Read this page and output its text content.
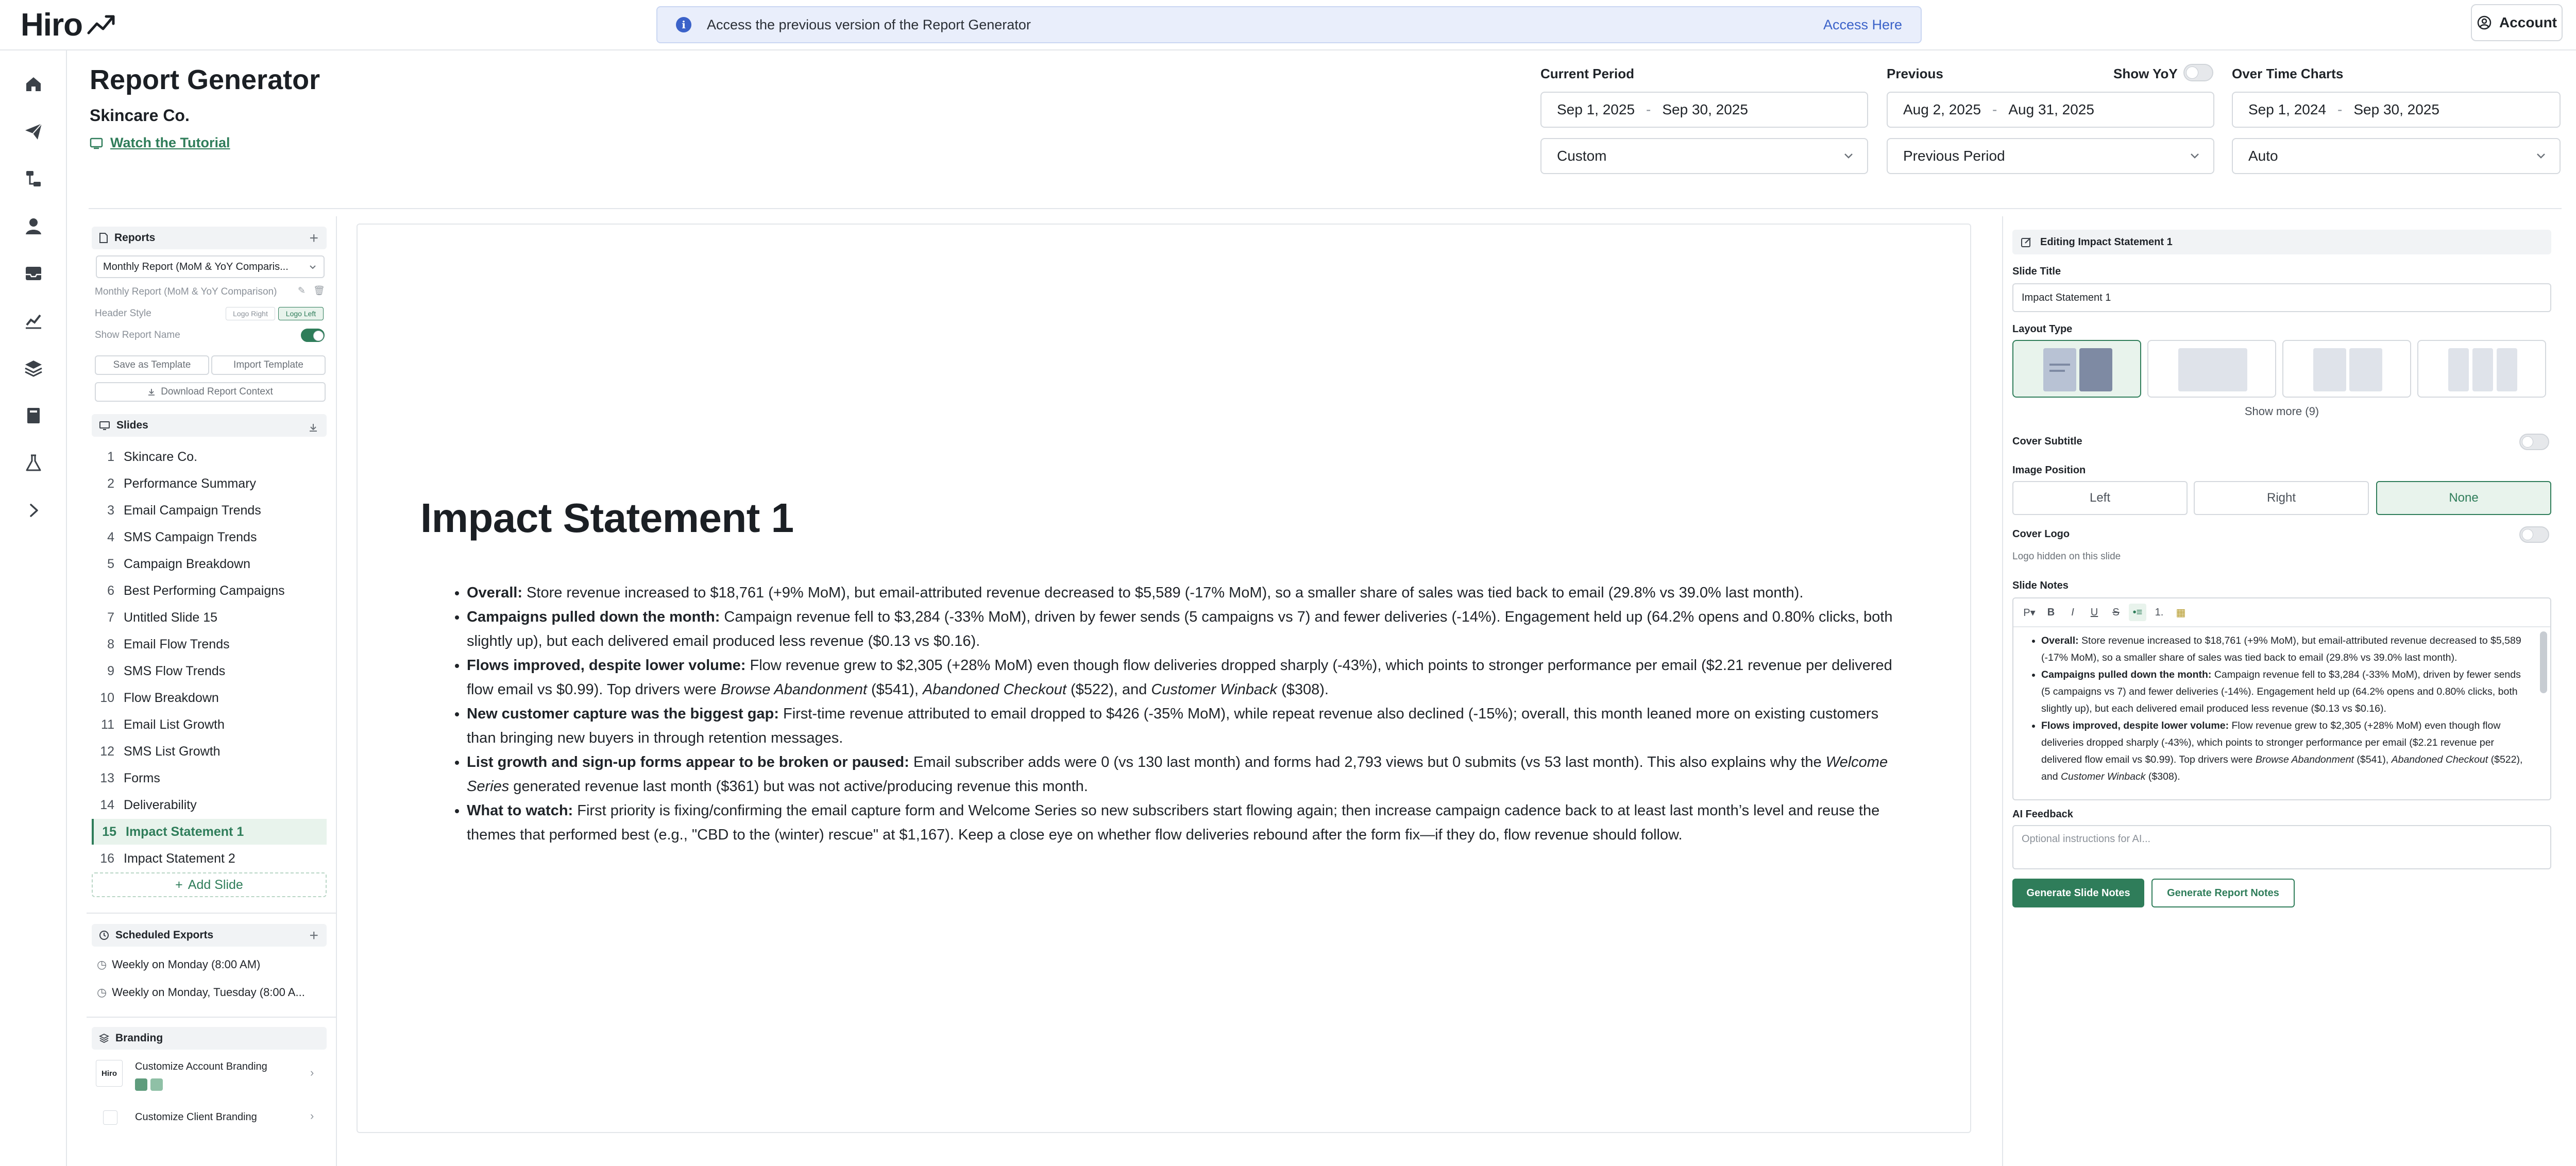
Hiro	i	Access the previous version of the Report Generator	Access Here	Account
Report Generator
Skincare Co.
Watch the Tutorial
Current Period
Sep 1, 2025 - Sep 30, 2025
Custom
Previous	Show YoY
Aug 2, 2025 - Aug 31, 2025
Previous Period
Over Time Charts
Sep 1, 2024 - Sep 30, 2025
Auto
Reports	+
Monthly Report (MoM & YoY Comparis...
Monthly Report (MoM & YoY Comparison) ✎ 🗑
Header Style	Logo Right	Logo Left
Show Report Name
Save as Template	Import Template
Download Report Context
Slides
1 Skincare Co.
2 Performance Summary
3 Email Campaign Trends
4 SMS Campaign Trends
5 Campaign Breakdown
6 Best Performing Campaigns
7 Untitled Slide 15
8 Email Flow Trends
9 SMS Flow Trends
10 Flow Breakdown
11 Email List Growth
12 SMS List Growth
13 Forms
14 Deliverability
15 Impact Statement 1
16 Impact Statement 2
+ Add Slide
Scheduled Exports	+
◷ Weekly on Monday (8:00 AM)
◷ Weekly on Monday, Tuesday (8:00 A...
Branding
Hiro
Customize Account Branding	›
Customize Client Branding	›
Impact Statement 1
• Overall: Store revenue increased to $18,761 (+9% MoM), but email-attributed revenue decreased to $5,589 (-17% MoM), so a smaller share of sales was tied back to email (29.8% vs 39.0% last month).
• Campaigns pulled down the month: Campaign revenue fell to $3,284 (-33% MoM), driven by fewer sends (5 campaigns vs 7) and fewer deliveries (-14%). Engagement held up (64.2% opens and 0.80% clicks, both slightly up), but each delivered email produced less revenue ($0.13 vs $0.16).
• Flows improved, despite lower volume: Flow revenue grew to $2,305 (+28% MoM) even though flow deliveries dropped sharply (-43%), which points to stronger performance per email ($2.21 revenue per delivered flow email vs $0.99). Top drivers were Browse Abandonment ($541), Abandoned Checkout ($522), and Customer Winback ($308).
• New customer capture was the biggest gap: First-time revenue attributed to email dropped to $426 (-35% MoM), while repeat revenue also declined (-15%); overall, this month leaned more on existing customers than bringing new buyers in through retention messages.
• List growth and sign-up forms appear to be broken or paused: Email subscriber adds were 0 (vs 130 last month) and forms had 2,793 views but 0 submits (vs 53 last month). This also explains why the Welcome Series generated revenue last month ($361) but was not active/producing revenue this month.
• What to watch: First priority is fixing/confirming the email capture form and Welcome Series so new subscribers start flowing again; then increase campaign cadence back to at least last month’s level and reuse the themes that performed best (e.g., "CBD to the (winter) rescue" at $1,167). Keep a close eye on whether flow deliveries rebound after the form fix—if they do, flow revenue should follow.
Editing Impact Statement 1
Slide Title
Impact Statement 1
Layout Type
Show more (9)
Cover Subtitle
Image Position
Left	Right	None
Cover Logo
Logo hidden on this slide
Slide Notes
P▾	B	I	U	S	•≡	1.	▦
• Overall: Store revenue increased to $18,761 (+9% MoM), but email-attributed revenue decreased to $5,589 (-17% MoM), so a smaller share of sales was tied back to email (29.8% vs 39.0% last month).
• Campaigns pulled down the month: Campaign revenue fell to $3,284 (-33% MoM), driven by fewer sends (5 campaigns vs 7) and fewer deliveries (-14%). Engagement held up (64.2% opens and 0.80% clicks, both slightly up), but each delivered email produced less revenue ($0.13 vs $0.16).
• Flows improved, despite lower volume: Flow revenue grew to $2,305 (+28% MoM) even though flow deliveries dropped sharply (-43%), which points to stronger performance per email ($2.21 revenue per delivered flow email vs $0.99). Top drivers were Browse Abandonment ($541), Abandoned Checkout ($522), and Customer Winback ($308).
AI Feedback
Optional instructions for AI...
Generate Slide Notes	Generate Report Notes
